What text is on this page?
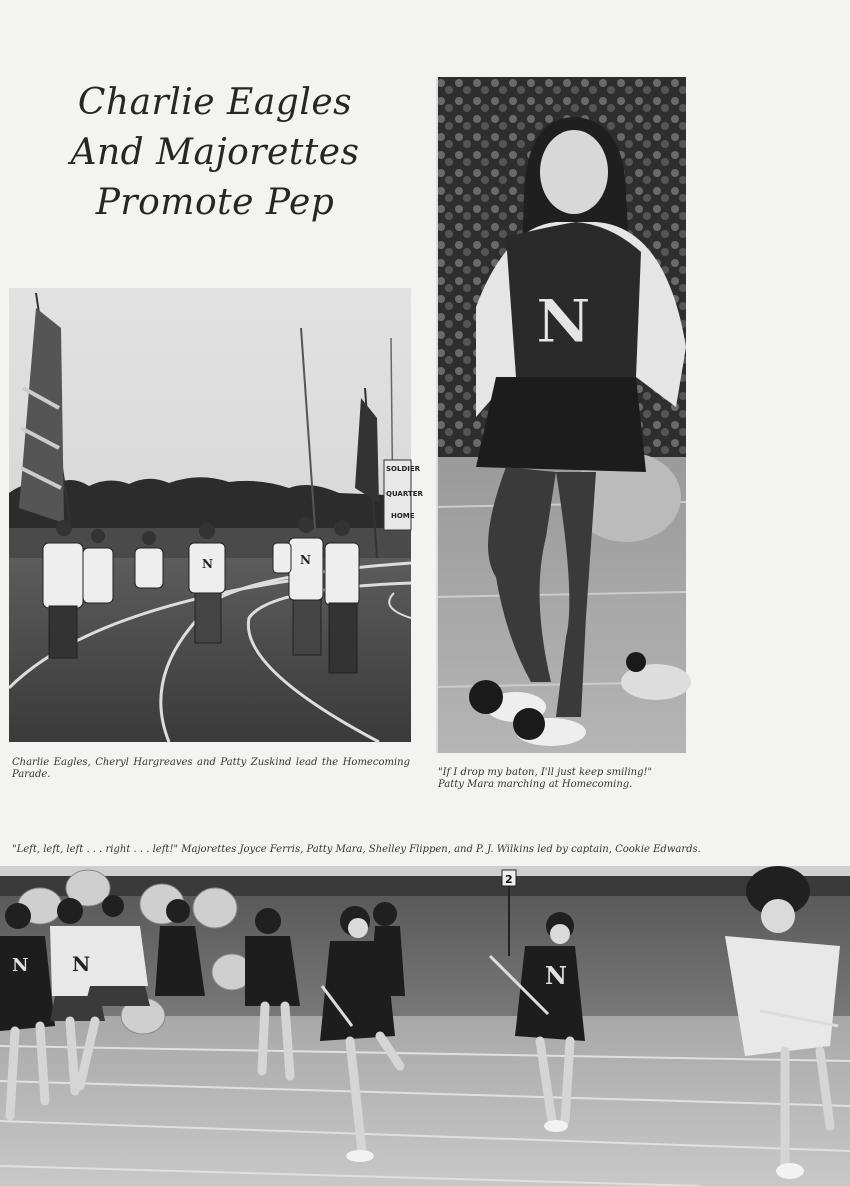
Charlie Eagles
And Majorettes
Promote Pep
SOLDIER
QUARTER
HOME
N	N
N
Charlie Eagles, Cheryl Hargreaves and Patty Zuskind lead the Homecoming Parade.	"If I drop my baton, I'll just keep smiling!"
Patty Mara marching at Homecoming.
"Left, left, left . . . right . . . left!" Majorettes Joyce Ferris, Patty Mara, Shelley Flippen, and P. J. Wilkins led by captain, Cookie Edwards.
2
N
N N
